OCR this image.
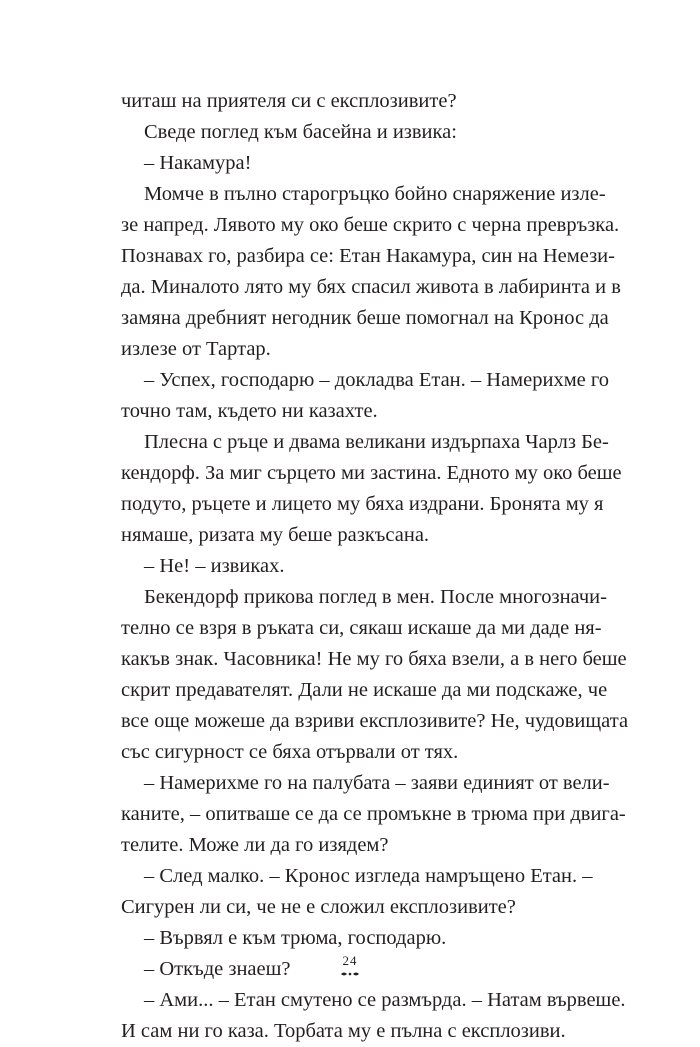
читаш на приятеля си с експлозивите?
Сведе поглед към басейна и извика:
– Накамура!
Момче в пълно старогръцко бойно снаряжение изле-
зе напред. Лявото му око беше скрито с черна превръзка.
Познавах го, разбира се: Етан Накамура, син на Немези-
да. Миналото лято му бях спасил живота в лабиринта и в
замяна дребният негодник беше помогнал на Кронос да
излезе от Тартар.
– Успех, господарю – докладва Етан. – Намерихме го
точно там, където ни казахте.
Плесна с ръце и двама великани издърпаха Чарлз Бе-
кендорф. За миг сърцето ми застина. Едното му око беше
подуто, ръцете и лицето му бяха издрани. Бронята му я
нямаше, ризата му беше разкъсана.
– Не! – извиках.
Бекендорф прикова поглед в мен. После многозначи-
телно се взря в ръката си, сякаш искаше да ми даде ня-
какъв знак. Часовника! Не му го бяха взели, а в него беше
скрит предавателят. Дали не искаше да ми подскаже, че
все още можеше да взриви експлозивите? Не, чудовищата
със сигурност се бяха отървали от тях.
– Намерихме го на палубата – заяви единият от вели-
каните, – опитваше се да се промъкне в трюма при двига-
телите. Може ли да го изядем?
– След малко. – Кронос изгледа намръщено Етан. –
Сигурен ли си, че не е сложил експлозивите?
– Вървял е към трюма, господарю.
– Откъде знаеш?
– Ами... – Етан смутено се размърда. – Натам вървеше.
И сам ни го каза. Торбата му е пълна с експлозиви.
24
